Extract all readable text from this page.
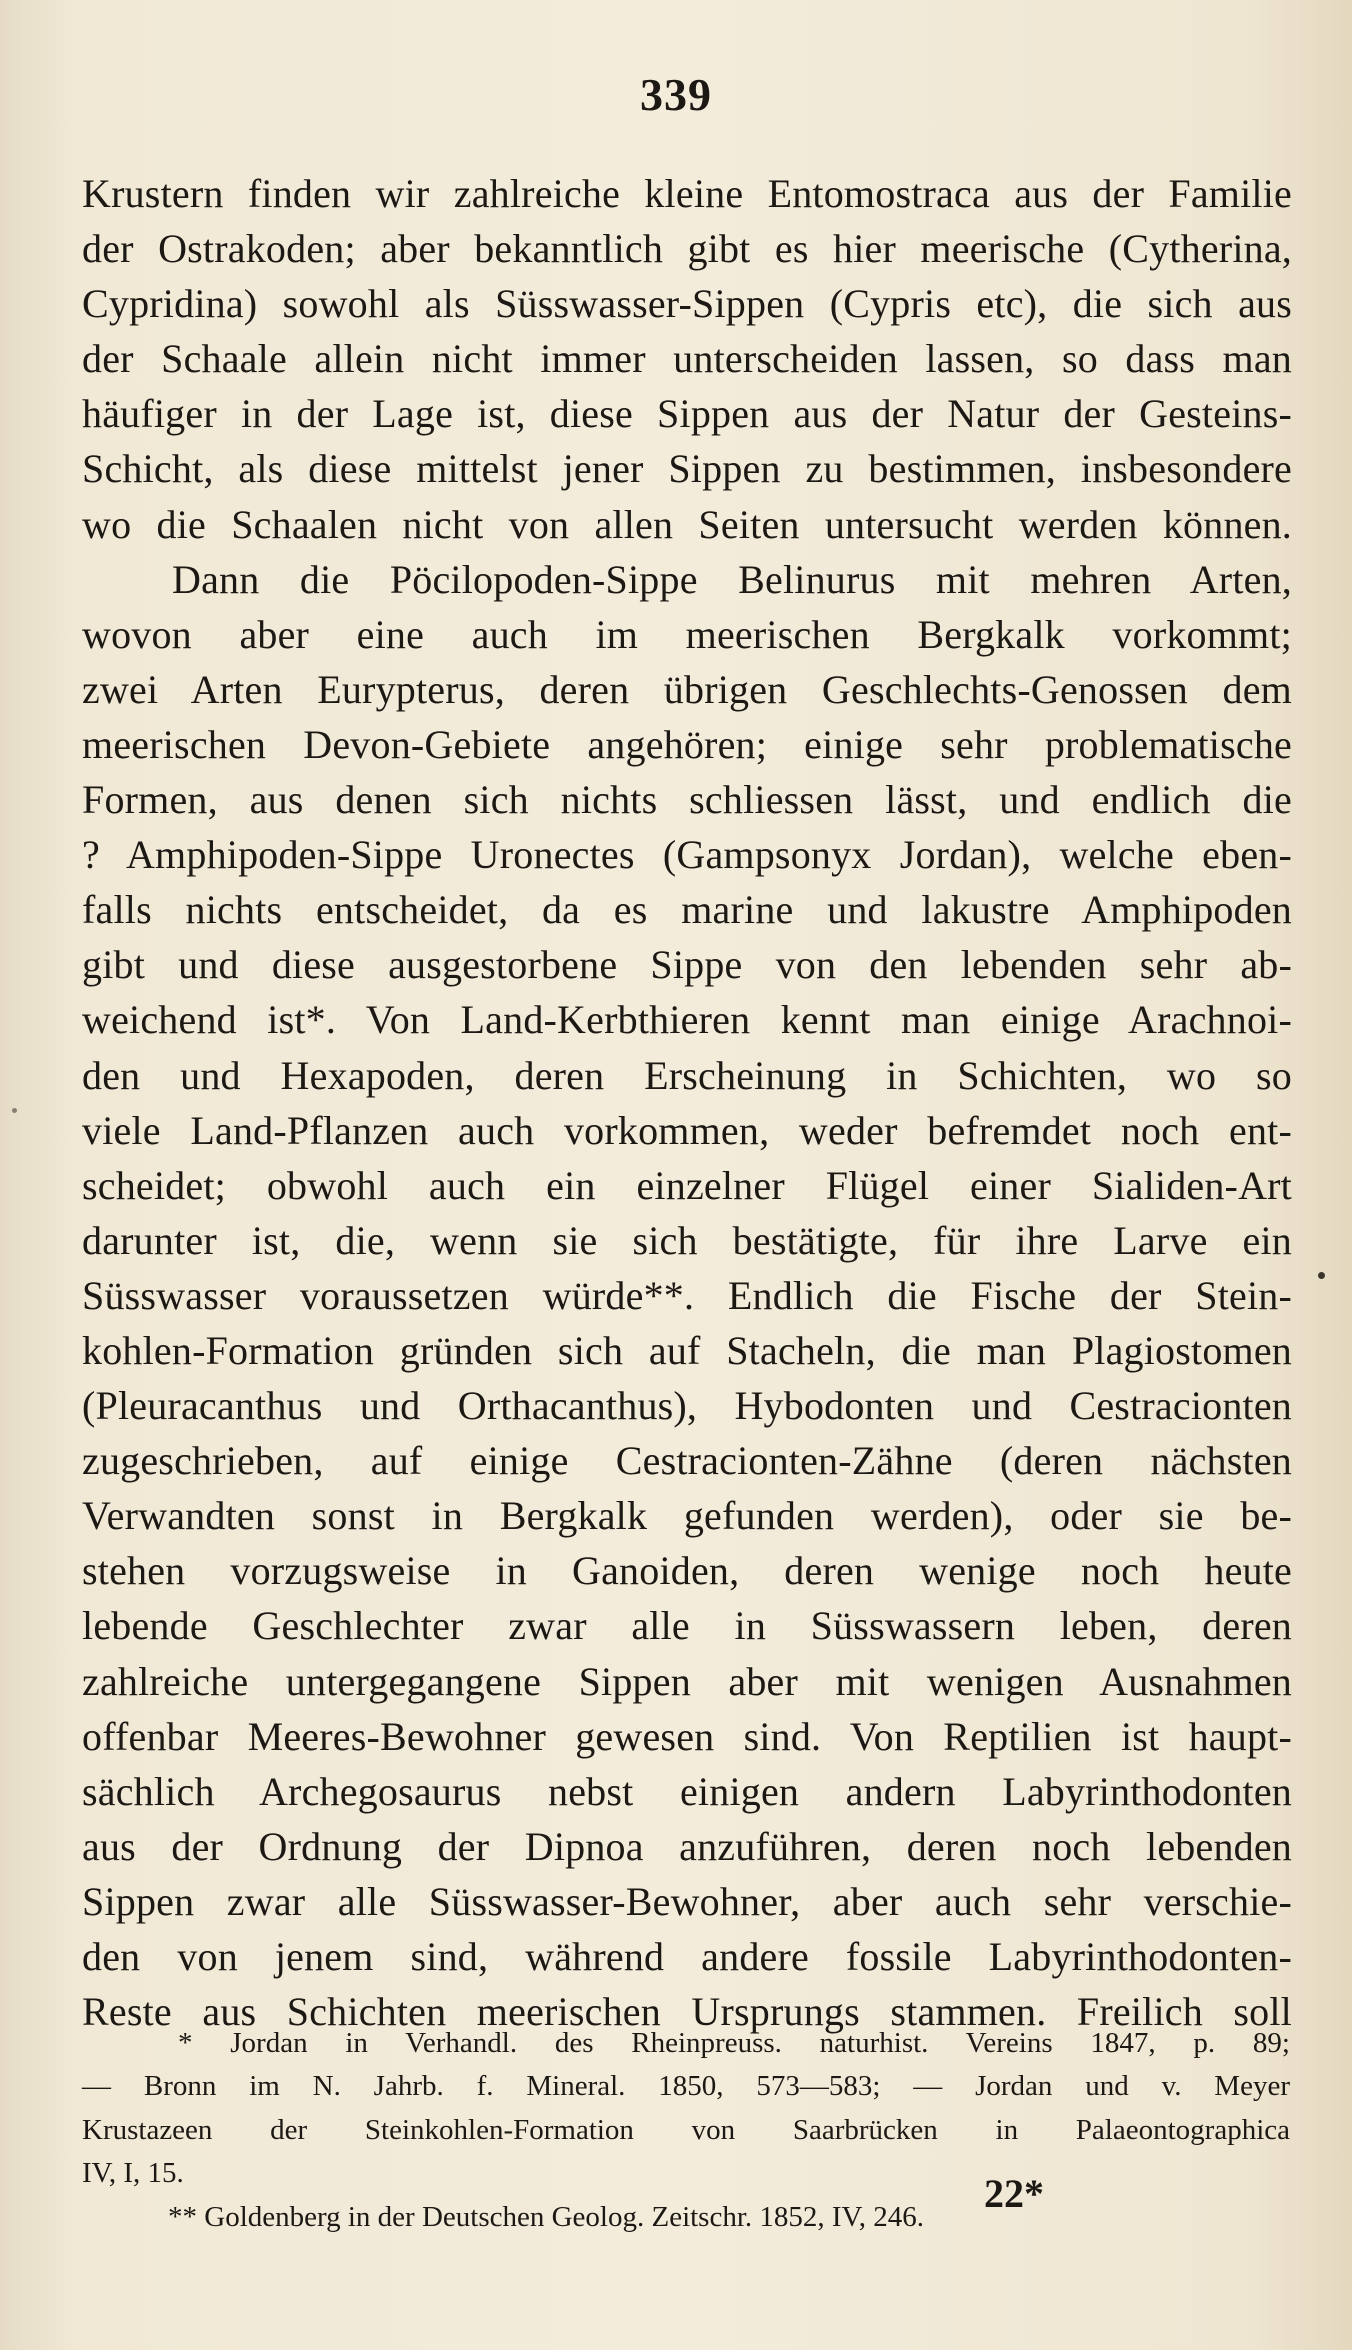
339
Krustern finden wir zahlreiche kleine Entomostraca aus der Familie
der Ostrakoden; aber bekanntlich gibt es hier meerische (Cytherina,
Cypridina) sowohl als Süsswasser-Sippen (Cypris etc), die sich aus
der Schaale allein nicht immer unterscheiden lassen, so dass man
häufiger in der Lage ist, diese Sippen aus der Natur der Gesteins-
Schicht, als diese mittelst jener Sippen zu bestimmen, insbesondere
wo die Schaalen nicht von allen Seiten untersucht werden können.
Dann die Pöcilopoden-Sippe Belinurus mit mehren Arten,
wovon aber eine auch im meerischen Bergkalk vorkommt;
zwei Arten Eurypterus, deren übrigen Geschlechts-Genossen dem
meerischen Devon-Gebiete angehören; einige sehr problematische
Formen, aus denen sich nichts schliessen lässt, und endlich die
? Amphipoden-Sippe Uronectes (Gampsonyx Jordan), welche eben-
falls nichts entscheidet, da es marine und lakustre Amphipoden
gibt und diese ausgestorbene Sippe von den lebenden sehr ab-
weichend ist*. Von Land-Kerbthieren kennt man einige Arachnoi-
den und Hexapoden, deren Erscheinung in Schichten, wo so
viele Land-Pflanzen auch vorkommen, weder befremdet noch ent-
scheidet; obwohl auch ein einzelner Flügel einer Sialiden-Art
darunter ist, die, wenn sie sich bestätigte, für ihre Larve ein
Süsswasser voraussetzen würde**. Endlich die Fische der Stein-
kohlen-Formation gründen sich auf Stacheln, die man Plagiostomen
(Pleuracanthus und Orthacanthus), Hybodonten und Cestracionten
zugeschrieben, auf einige Cestracionten-Zähne (deren nächsten
Verwandten sonst in Bergkalk gefunden werden), oder sie be-
stehen vorzugsweise in Ganoiden, deren wenige noch heute
lebende Geschlechter zwar alle in Süsswassern leben, deren
zahlreiche untergegangene Sippen aber mit wenigen Ausnahmen
offenbar Meeres-Bewohner gewesen sind. Von Reptilien ist haupt-
sächlich Archegosaurus nebst einigen andern Labyrinthodonten
aus der Ordnung der Dipnoa anzuführen, deren noch lebenden
Sippen zwar alle Süsswasser-Bewohner, aber auch sehr verschie-
den von jenem sind, während andere fossile Labyrinthodonten-
Reste aus Schichten meerischen Ursprungs stammen. Freilich soll
* Jordan in Verhandl. des Rheinpreuss. naturhist. Vereins 1847, p. 89;
— Bronn im N. Jahrb. f. Mineral. 1850, 573—583; — Jordan und v. Meyer
Krustazeen der Steinkohlen-Formation von Saarbrücken in Palaeontographica
IV, I, 15.
** Goldenberg in der Deutschen Geolog. Zeitschr. 1852, IV, 246.
22*
